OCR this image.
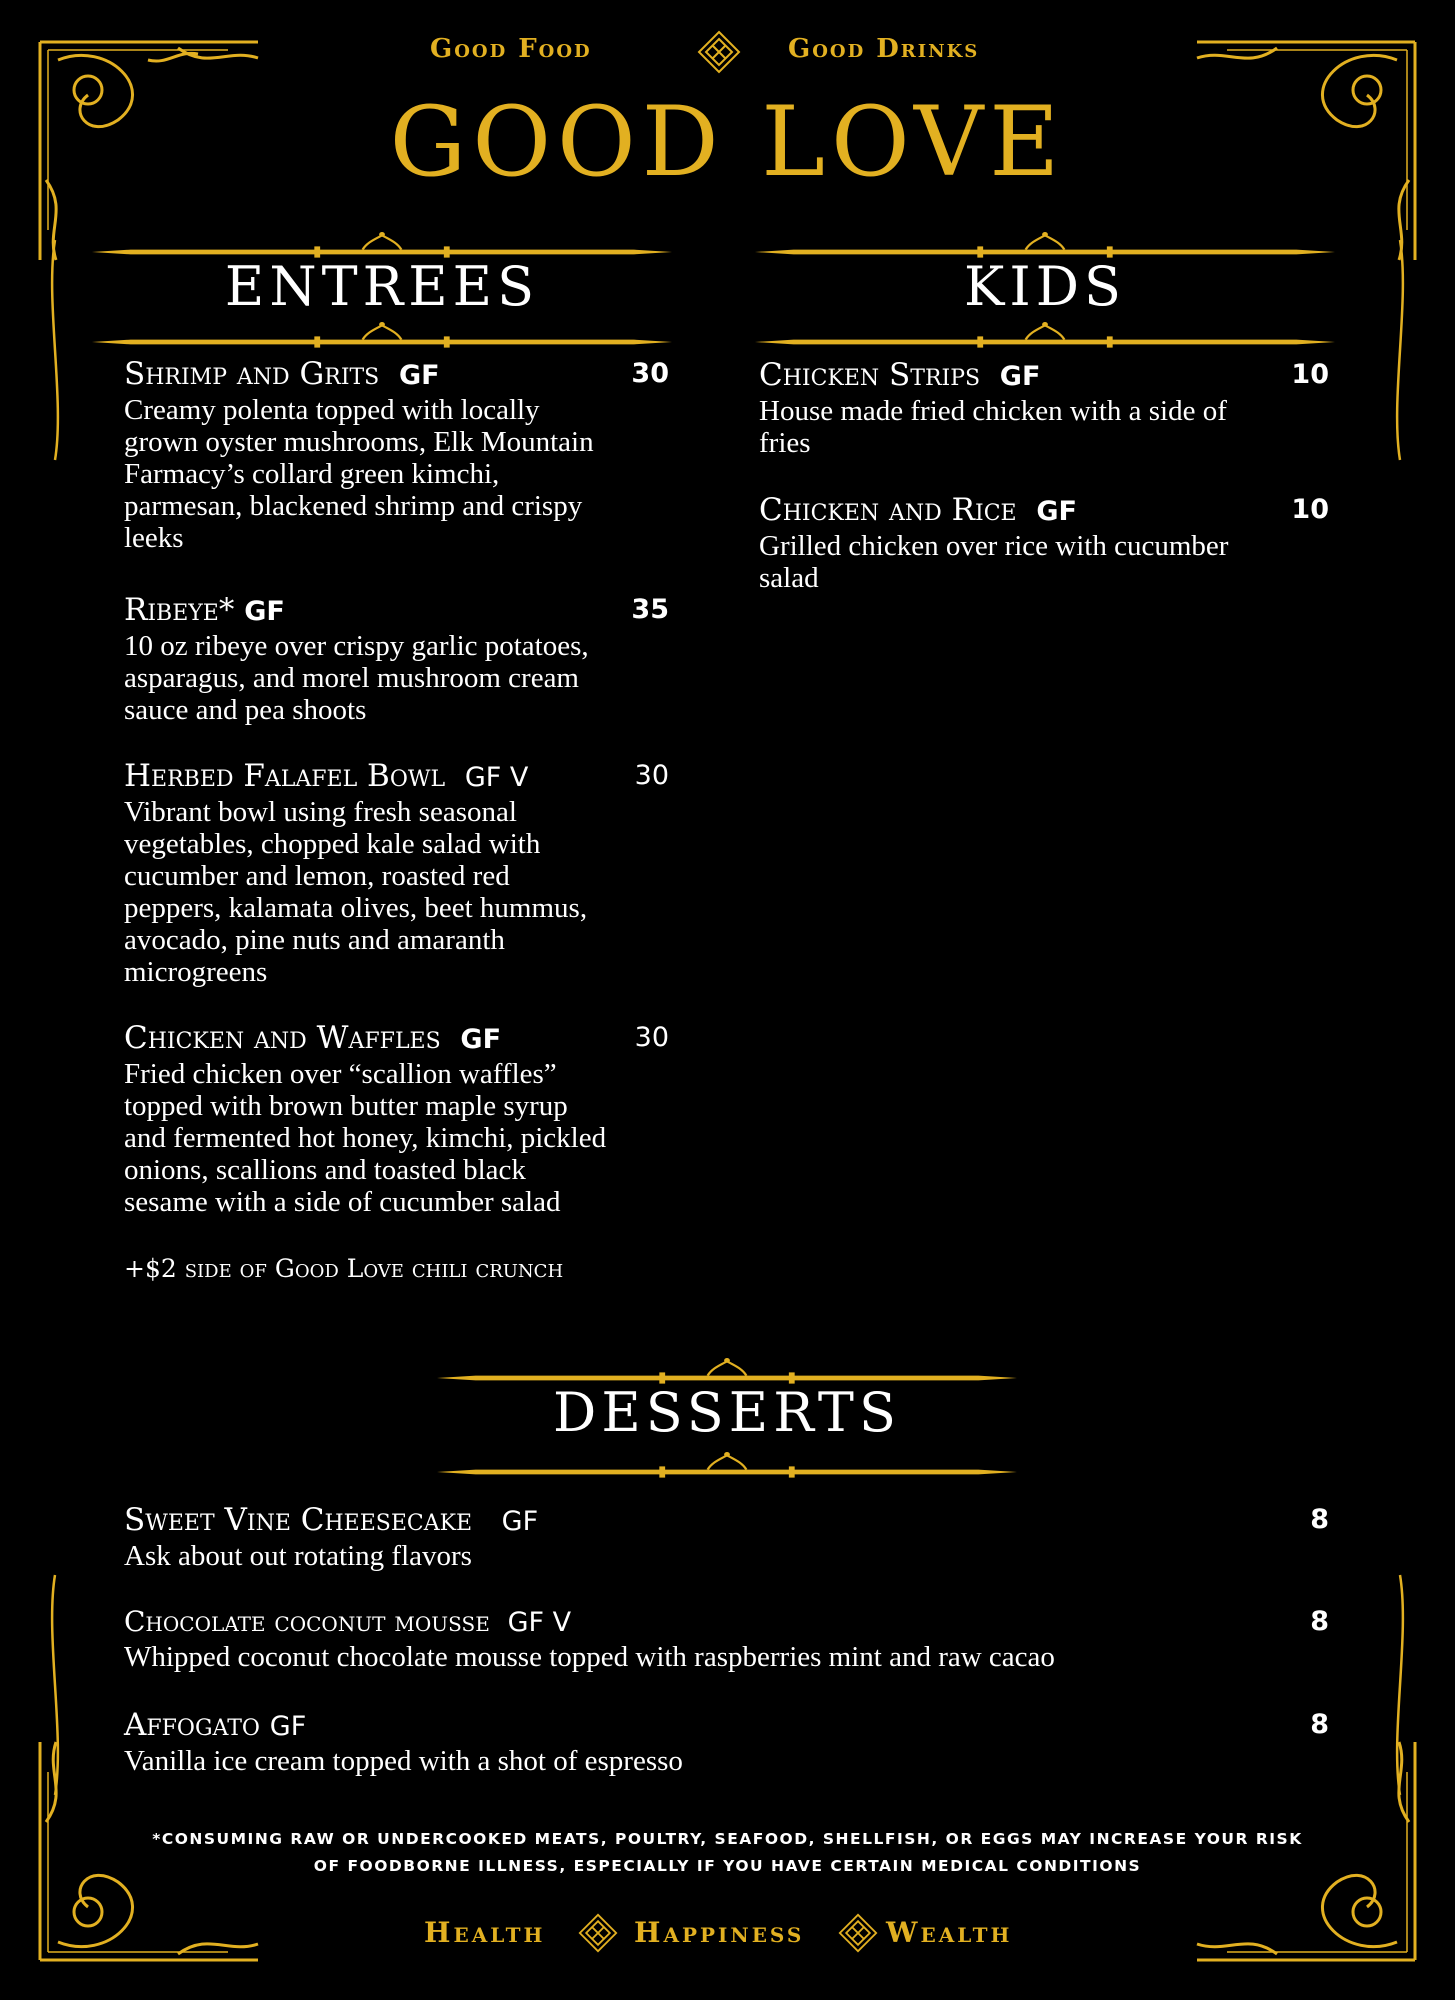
Good Food	Good Drinks
GOOD LOVE
ENTREES	KIDS
Shrimp and Grits GF	30
Creamy polenta topped with locally
grown oyster mushrooms, Elk Mountain
Farmacy’s collard green kimchi,
parmesan, blackened shrimp and crispy
leeks
Ribeye* GF	35
10 oz ribeye over crispy garlic potatoes,
asparagus, and morel mushroom cream
sauce and pea shoots
Herbed Falafel Bowl GF V	30
Vibrant bowl using fresh seasonal
vegetables, chopped kale salad with
cucumber and lemon, roasted red
peppers, kalamata olives, beet hummus,
avocado, pine nuts and amaranth
microgreens
Chicken and Waffles GF	30
Fried chicken over “scallion waffles”
topped with brown butter maple syrup
and fermented hot honey, kimchi, pickled
onions, scallions and toasted black
sesame with a side of cucumber salad
+$2 side of Good Love chili crunch
Chicken Strips GF	10
House made fried chicken with a side of
fries
Chicken and Rice GF	10
Grilled chicken over rice with cucumber
salad
DESSERTS
Sweet Vine Cheesecake GF	8
Ask about out rotating flavors
Chocolate coconut mousse GF V	8
Whipped coconut chocolate mousse topped with raspberries mint and raw cacao
Affogato GF	8
Vanilla ice cream topped with a shot of espresso
*CONSUMING RAW OR UNDERCOOKED MEATS, POULTRY, SEAFOOD, SHELLFISH, OR EGGS MAY INCREASE YOUR RISK
OF FOODBORNE ILLNESS, ESPECIALLY IF YOU HAVE CERTAIN MEDICAL CONDITIONS
Health	Happiness	Wealth
